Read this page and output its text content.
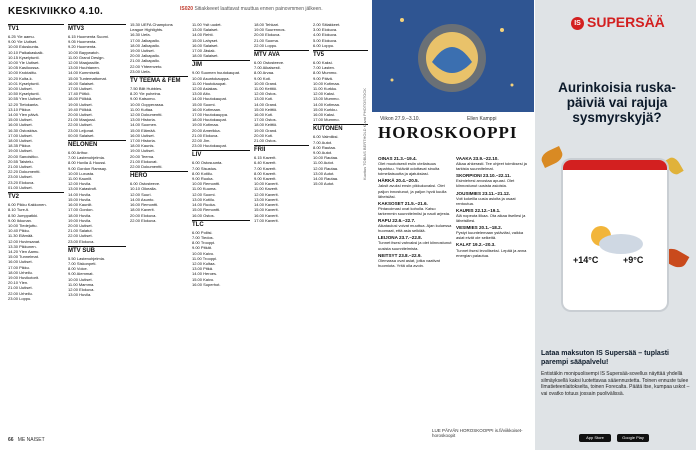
KESKIVIIKKO 4.10.	IS020 Sitiakkeeet laattavat muuttua ennen painovmmen jälkeen.
TV1

6.25 Yle aamu.

9.00 Yle Uutiset.

10.00 Eduskunta.

10.10 Paikakaskaik.

10.15 Kyselytunti.

10.00 Yle Uutiset.

10.05 Kasiloossa.

10.00 Kroktaiitu.

10.20 Kulta-k.

10.01 Kyselytunti.

10.00 Uutiset.

10.50 Kyselytunti.

10.55 Ylen Uutiset.

12.20 Tietokanta.

13.10 Pikkur.

14.00 Ylen päivä.

15.00 Uutiset.

16.00 Uutiset.

16.30 Ostoskisa.

17.00 Uutiset.

18.00 Uutiset.

18.35 Pikkur.

19.00 Uutiset.

20.00 Sanoisitko.

20.55 Taistelu.

21.00 Uutiset.

22.20 Dokumentti.

23.00 Uutiset.

23.20 Elokuva.

01.00 Uutiset.

TV2

6.00 Pikku Kakkonen.

8.10 Ture-ti.

8.50 Jumppatkki.

9.00 Ikkunan.

10.00 Tiedejuttu.

10.40 Pikku.

11.30 Elämää.

12.00 Huvinsanat.

13.30 Pikkunen.

14.20 Ylen Aamu.

15.00 Tunnelmat.

16.00 Uutiset.

17.00 Pikku.

18.00 Urheilu.

19.00 Huvikotorit.

20.10 Ylen.

21.00 Uutiset.

22.00 Urheilu.

23.00 Loppu.

MTV3

6.15 Huomenta Suomi.

9.05 Huomenta.

9.20 Huomenta.

10.00 Bayywatch.

11.00 Grand Design.

12.00 Maajussille.

13.00 Huuhtanen.

14.00 Kummisetä.

15.00 Tuntemattomat.

16.00 Salaiset.

17.00 Uutiset.

17.40 Pötkö.

18.00 Pölkkä.

19.00 Uutiset.

19.40 Pölkkä.

20.00 Uutiset.

21.00 Maajussi.

22.00 Uutiset.

23.00 Leijonat.

00.00 Salaiset.

NELONEN

6.00 Arthur.

7.00 Lastenohjelmia.

8.00 Huvila & Huussi.

9.00 Gordon Ramsay.

10.00 Luxusta.

11.00 Kauniit.

12.00 Huvila.

13.00 Katastrofi.

14.00 Huvila.

15.00 Huvila.

16.00 Kauniit.

17.00 Gordon.

18.00 Huvila.

19.00 Huvila.

20.00 Uutiset.

21.00 Salatut.

22.00 Uutiset.

23.00 Elokuva.

MTV SUB

5.50 Lastenohjelmia.

7.00 Siskonpeti.

8.00 Voice.

9.00 Aiemmat.

10.00 Uutiset.

11.00 Mamma.

12.00 Elokuva.

13.00 Huvila.

15.30 UEFA Champions

League Highlights.

16.30 Uefa.

17.00 Jalkapallo.

18.00 Jalkapallo.

19.00 Uutiset.

20.00 Jalkapallo.

21.00 Jalkapallo.

22.00 Yhteenveto.

23.00 Uefa.

TV TEEMA & FEM

7.50 Bilit Hubbles.

8.20 Yle puheina.

9.00 Katsomo.

10.00 Oopperassa.

11.00 Kultaa.

12.00 Dokumentti.

13.00 Historia.

14.00 Suomen.

15.00 Elämää.

16.00 Uutiset.

17.00 Historia.

18.00 Kaunis.

19.00 Uutiset.

20.00 Teema.

21.00 Elokuvat.

22.00 Dokumentti.

HERO

6.00 Ostosteeve.

10.10 Oikealla.

12.00 Suuri.

14.00 Asunto.

16.00 Remontti.

18.00 Kaverit.

20.00 Elokuva.

22.00 Elokuva.

11.00 Ysit uudet.

13.00 Salaiset.

14.00 Rehti.

15.00 Lahyset.

16.00 Salaiset.

17.00 Jäsiak.

18.00 Salaiset.

JIM

9.00 Suomen huutokaupat.

10.00 Asuntokauppa.

11.00 Huutokaupat.

12.00 Asiakas.

13.00 Aito.

14.00 Huutokaupat.

15.00 Suomi.

16.00 Kotimaan.

17.00 Huutokauppa.

18.00 Huutokaupat.

19.00 Kotimaa.

20.00 Amerikka.

21.00 Elokuva.

22.00 Jim.

23.00 Huutokaupat.

LIV

6.00 Ostosuunta.

7.00 Sisustus.

8.00 Kotiilu.

9.00 Ruoka.

10.00 Remontti.

11.00 Kuuma.

12.00 Suomi.

13.00 Kotiilu.

14.00 Ruoka.

15.00 Remontti.

16.00 Ostos.

TLC

6.00 Poliisi.

7.00 Tiedos.

8.00 Trooppi.

9.00 Pitkät.

10.00 Kaivo.

11.00 Trooppi.

12.00 Kultaa.

13.00 Pitkä.

14.00 Heroes.

15.00 Kaivo.

16.00 Superhot.

18.00 Tehkari.

19.00 Suurennos.

20.00 Elokuva.

21.00 Suoma.

22.00 Loppu.

MTV AVA

6.00 Ostosteeve.

7.00 Aikaisesti.

8.00 Arvaa.

9.00 Koti.

10.00 Grand.

11.00 Keittiö.

12.00 Ostos.

13.00 Koti.

14.00 Grand.

15.00 Keittiö.

16.00 Koti.

17.00 Ostos.

18.00 Keittiö.

19.00 Grand.

20.00 Koti.

21.00 Ostos.

FRII

6.15 Kaverit.

6.40 Kaverit.

7.00 Kaverit.

8.00 Kaverit.

9.00 Kaverit.

10.00 Kaverit.

11.00 Kaverit.

12.00 Kaverit.

13.00 Kaverit.

14.00 Kaverit.

15.00 Kaverit.

16.00 Kaverit.

17.00 Kaverit.

2.00 Sitiakkeet.

3.00 Elokuva.

4.00 Elokuva.

5.00 Elokuva.

6.00 Loppu.

TV5

6.00 Kaksi.

7.00 Lasten.

8.00 Mummo.

9.00 Päivä.

10.00 Kotimaa.

11.00 Kurkku.

12.00 Kaksi.

13.00 Mummo.

14.00 Kotimaa.

15.00 Kurkku.

16.00 Kaksi.

17.00 Mummo.

KUTONEN

6.00 Valmiiksi.

7.00 Autot.

8.00 Rautaa.

9.00 Autot.

10.00 Rautaa.

11.00 Autot.

12.00 Rautaa.

13.00 Autot.

14.00 Rautaa.

15.00 Autot.

Kuvitus TOBIAS BERTHOLD Kuvat PHOTOSTOCK	Viikon 27.9.–3.10.	Ellen Kamppi
HOROSKOOPPI
OINAS 21.3.–19.4.

Olet muotoisesti esiin uteliaisuus tapahtuu. Ystävät odottavat sinulta toimeliaisuutta ja ajatuksiasi.

HÄRKÄ 20.4.–20.5.

Jaksit avuksi ensin pikkukuvaksi. Olet paljon innostunut, ja paljon hyvä kuulla läheisiäsi.

KAKSOSET 21.5.–21.6.

Pintavoimasi ovat koholla. Katso tarkemmin suunnitelmiisi ja nauti arjesta.

RAPU 22.6.–22.7.

Aikataulusi voivat muuttua. Ajan kuluessa huomaat, että asia selkiää.

LEIJONA 23.7.–22.8.

Tunnet itsesi vahvaksi ja olet kiinnostunut uusista suunnitelmista.

NEITSYT 23.8.–22.9.

Olemassa ovat asiat, jotka vaativat huomiota. Yritä olla avoin.

VAAKA 23.9.–22.10.

Alkaa ahkerasti. Tee ohjeet toimiksesi ja tarkista suunnitelmat.

SKORPIONI 23.10.–22.11.

Esimiehesi arvostaa apuasi. Olet kiinnostunut uusista asioista.

JOUSIMIES 23.11.–21.12.

Voit kokeilla uusia asioita ja osaat rentoutua.

KAURIS 22.12.–19.1.

Älä nopeuta liikaa. Ota aikaa itsellesi ja läheisillesi.

VESIMIES 20.1.–18.2.

Pystyt kuuntelemaan ystäviäsi, vaikka asiat eivät ole selkeitä.

KALAT 19.2.–20.3.

Tunnet itsesi levolliseksi. Lepää ja anna energian palautua.

LUE PÄIVÄN HOROSKOOPPI is.fi/viikkoiset-horoskoopit
66 ME NAISET
IS SUPERSÄÄ
Aurinkoisia ruska-päiviä vai rajuja sysmyrskyjä?
+14°C	+9°C
Lataa maksuton IS Supersää – tuplasti parempi sääpalvelu!
Entistäkin monipuolisempi IS Supersää-sovellus näyttää yhdellä silmäyksellä kaksi luotettavaa sääennustetta. Toinen ennuste tulee Ilmatieteenlaitokselta, toinen Forecalta. Päätä itse, kumpaa uskot – vai ovatko totuus jossain puolivälissä.
App Store	Google Play
